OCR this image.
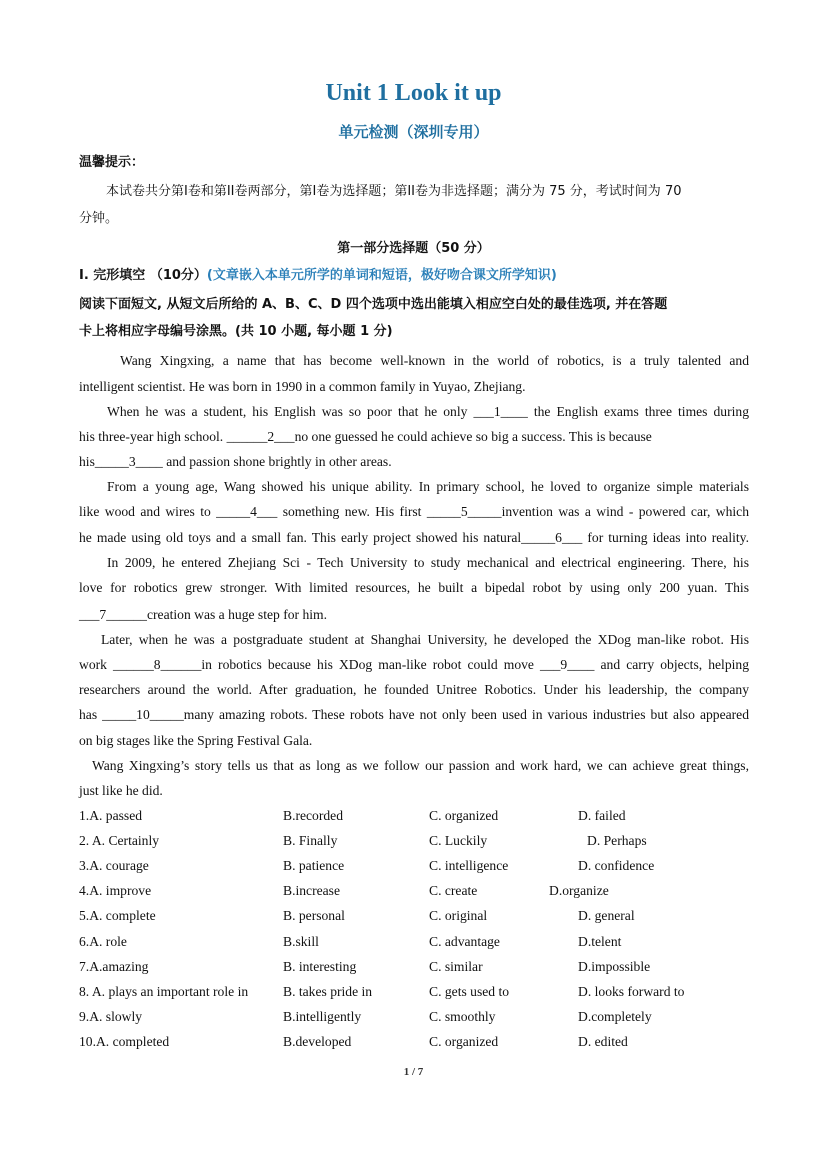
Unit 1 Look it up
单元检测（深圳专用）
温馨提示：
本试卷共分第I卷和第II卷两部分，第I卷为选择题；第II卷为非选择题；满分为 75 分，考试时间为 70
分钟。
第一部分选择题（50 分）
I. 完形填空 （10分）(文章嵌入本单元所学的单词和短语，极好吻合课文所学知识)
阅读下面短文, 从短文后所给的 A、B、C、D 四个选项中选出能填入相应空白处的最佳选项, 并在答题
卡上将相应字母编号涂黑。(共 10 小题, 每小题 1 分)
Wang Xingxing, a name that has become well-known in the world of robotics, is a truly talented and
intelligent scientist. He was born in 1990 in a common family in Yuyao, Zhejiang.
When he was a student, his English was so poor that he only ___1____ the English exams three times during
his three-year high school. ______2___no one guessed he could achieve so big a success. This is because
his_____3____ and passion shone brightly in other areas.
From a young age, Wang showed his unique ability. In primary school, he loved to organize simple materials
like wood and wires to _____4___ something new. His first _____5_____invention was a wind - powered car, which
he made using old toys and a small fan. This early project showed his natural_____6___ for turning ideas into reality.
In 2009, he entered Zhejiang Sci - Tech University to study mechanical and electrical engineering. There, his
love for robotics grew stronger. With limited resources, he built a bipedal robot by using only 200 yuan. This
___7______creation was a huge step for him.
Later, when he was a postgraduate student at Shanghai University, he developed the XDog man-like robot. His
work ______8______in robotics because his XDog man-like robot could move ___9____ and carry objects, helping
researchers around the world. After graduation, he founded Unitree Robotics. Under his leadership, the company
has _____10_____many amazing robots. These robots have not only been used in various industries but also appeared
on big stages like the Spring Festival Gala.
Wang Xingxing’s story tells us that as long as we follow our passion and work hard, we can achieve great things,
just like he did.
1.A. passed	B.recorded	C. organized	D. failed
2. A. Certainly	B. Finally	C. Luckily	D. Perhaps
3.A. courage	B. patience	C. intelligence	D. confidence
4.A. improve	B.increase	C. create	D.organize
5.A. complete	B. personal	C. original	D. general
6.A. role	B.skill	C. advantage	D.telent
7.A.amazing	B. interesting	C. similar	D.impossible
8. A. plays an important role in	B. takes pride in	C. gets used to	D. looks forward to
9.A. slowly	B.intelligently	C. smoothly	D.completely
10.A. completed	B.developed	C. organized	D. edited
1 / 7
